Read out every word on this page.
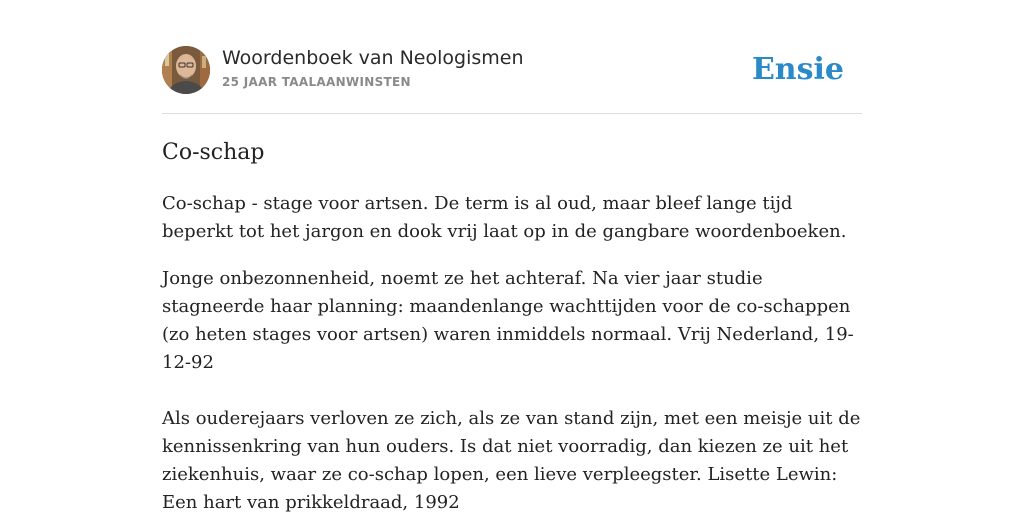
Woordenboek van Neologismen
25 JAAR TAALAANWINSTEN	Ensie
Co-schap

Co-schap - stage voor artsen. De term is al oud, maar bleef lange tijd beperkt tot het jargon en dook vrij laat op in de gangbare woordenboeken.

Jonge onbezonnenheid, noemt ze het achteraf. Na vier jaar studie stagneerde haar planning: maandenlange wachttijden voor de co-schappen (zo heten stages voor artsen) waren inmiddels normaal. Vrij Nederland, 19-12-92

Als ouderejaars verloven ze zich, als ze van stand zijn, met een meisje uit de kennissenkring van hun ouders. Is dat niet voorradig, dan kiezen ze uit het ziekenhuis, waar ze co-schap lopen, een lieve verpleegster. Lisette Lewin: Een hart van prikkeldraad, 1992
